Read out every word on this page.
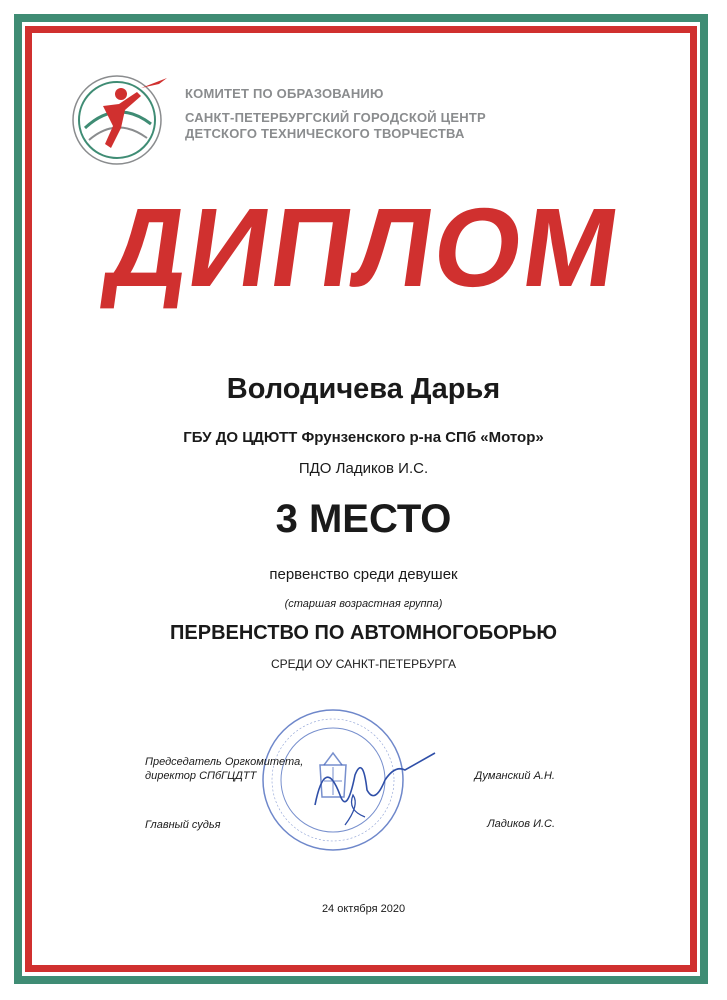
КОМИТЕТ ПО ОБРАЗОВАНИЮ
САНКТ-ПЕТЕРБУРГСКИЙ ГОРОДСКОЙ ЦЕНТР
ДЕТСКОГО ТЕХНИЧЕСКОГО ТВОРЧЕСТВА
ДИПЛОМ
Володичева Дарья
ГБУ ДО ЦДЮТТ Фрунзенского р-на СПб «Мотор»
ПДО Ладиков И.С.
3 МЕСТО
первенство среди девушек
(старшая возрастная группа)
ПЕРВЕНСТВО ПО АВТОМНОГОБОРЬЮ
СРЕДИ ОУ САНКТ-ПЕТЕРБУРГА
Председатель Оргкомитета,
директор СПбГЦДТТ	Думанский А.Н.
Главный судья	Ладиков И.С.
24 октября 2020
